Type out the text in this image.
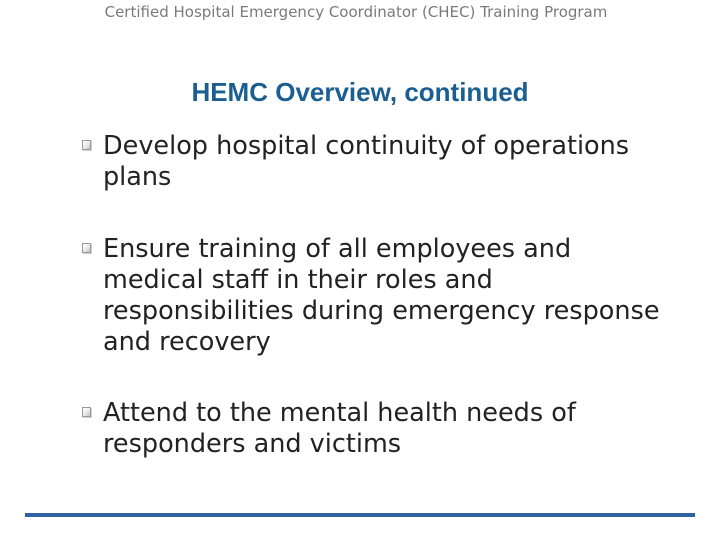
Certified Hospital Emergency Coordinator (CHEC) Training Program
HEMC Overview, continued
Develop hospital continuity of operations plans
Ensure training of all employees and medical staff in their roles and responsibilities during emergency response and recovery
Attend to the mental health needs of responders and victims
